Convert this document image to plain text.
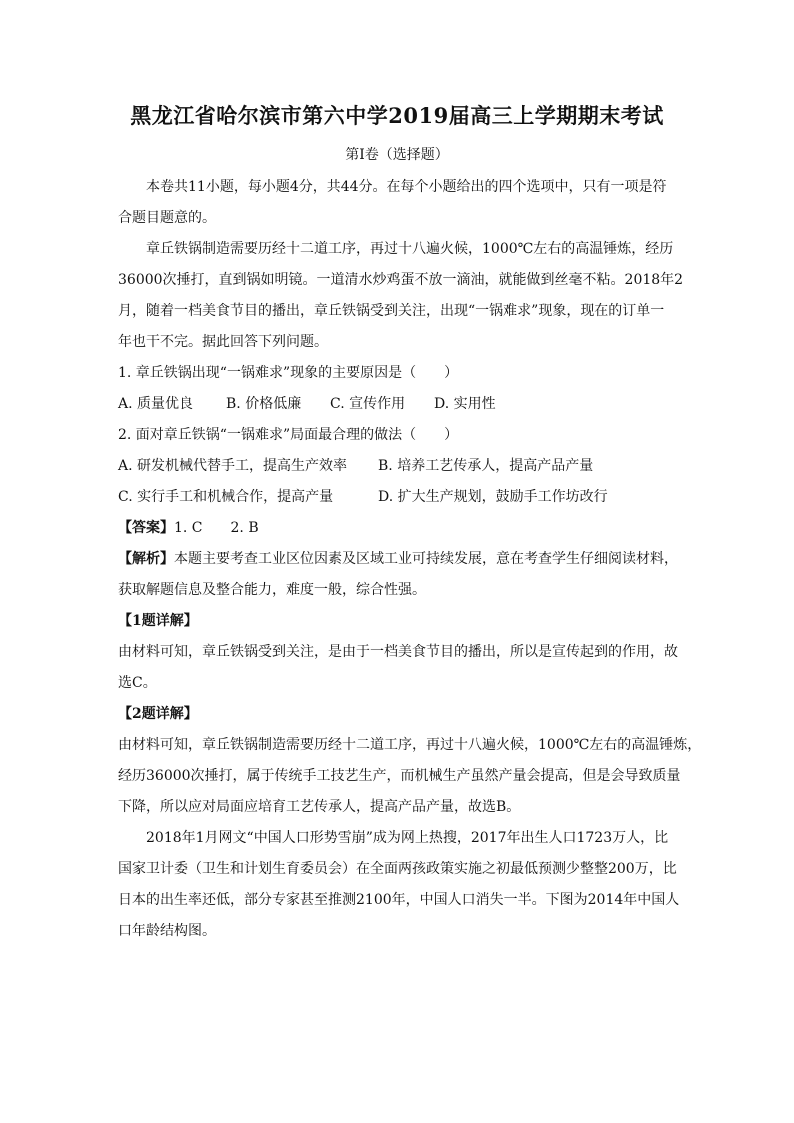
黑龙江省哈尔滨市第六中学2019届高三上学期期末考试
第Ⅰ卷（选择题）
本卷共11小题，每小题4分，共44分。在每个小题给出的四个选项中，只有一项是符
合题目题意的。
章丘铁锅制造需要历经十二道工序，再过十八遍火候，1000℃左右的高温锤炼，经历
36000次捶打，直到锅如明镜。一道清水炒鸡蛋不放一滴油，就能做到丝毫不粘。2018年2
月，随着一档美食节目的播出，章丘铁锅受到关注，出现“一锅难求”现象，现在的订单一
年也干不完。据此回答下列问题。
1. 章丘铁锅出现“一锅难求”现象的主要原因是（　　）
A. 质量优良	B. 价格低廉	C. 宣传作用	D. 实用性
2. 面对章丘铁锅“一锅难求”局面最合理的做法（　　）
A. 研发机械代替手工，提高生产效率	B. 培养工艺传承人，提高产品产量
C. 实行手工和机械合作，提高产量	D. 扩大生产规划，鼓励手工作坊改行
【答案】1. C　　2. B
【解析】本题主要考查工业区位因素及区域工业可持续发展，意在考查学生仔细阅读材料，
获取解题信息及整合能力，难度一般，综合性强。
【1题详解】
由材料可知，章丘铁锅受到关注，是由于一档美食节目的播出，所以是宣传起到的作用，故
选C。
【2题详解】
由材料可知，章丘铁锅制造需要历经十二道工序，再过十八遍火候，1000℃左右的高温锤炼，
经历36000次捶打，属于传统手工技艺生产，而机械生产虽然产量会提高，但是会导致质量
下降，所以应对局面应培育工艺传承人，提高产品产量，故选B。
2018年1月网文“中国人口形势雪崩”成为网上热搜，2017年出生人口1723万人，比
国家卫计委（卫生和计划生育委员会）在全面两孩政策实施之初最低预测少整整200万，比
日本的出生率还低，部分专家甚至推测2100年，中国人口消失一半。下图为2014年中国人
口年龄结构图。
